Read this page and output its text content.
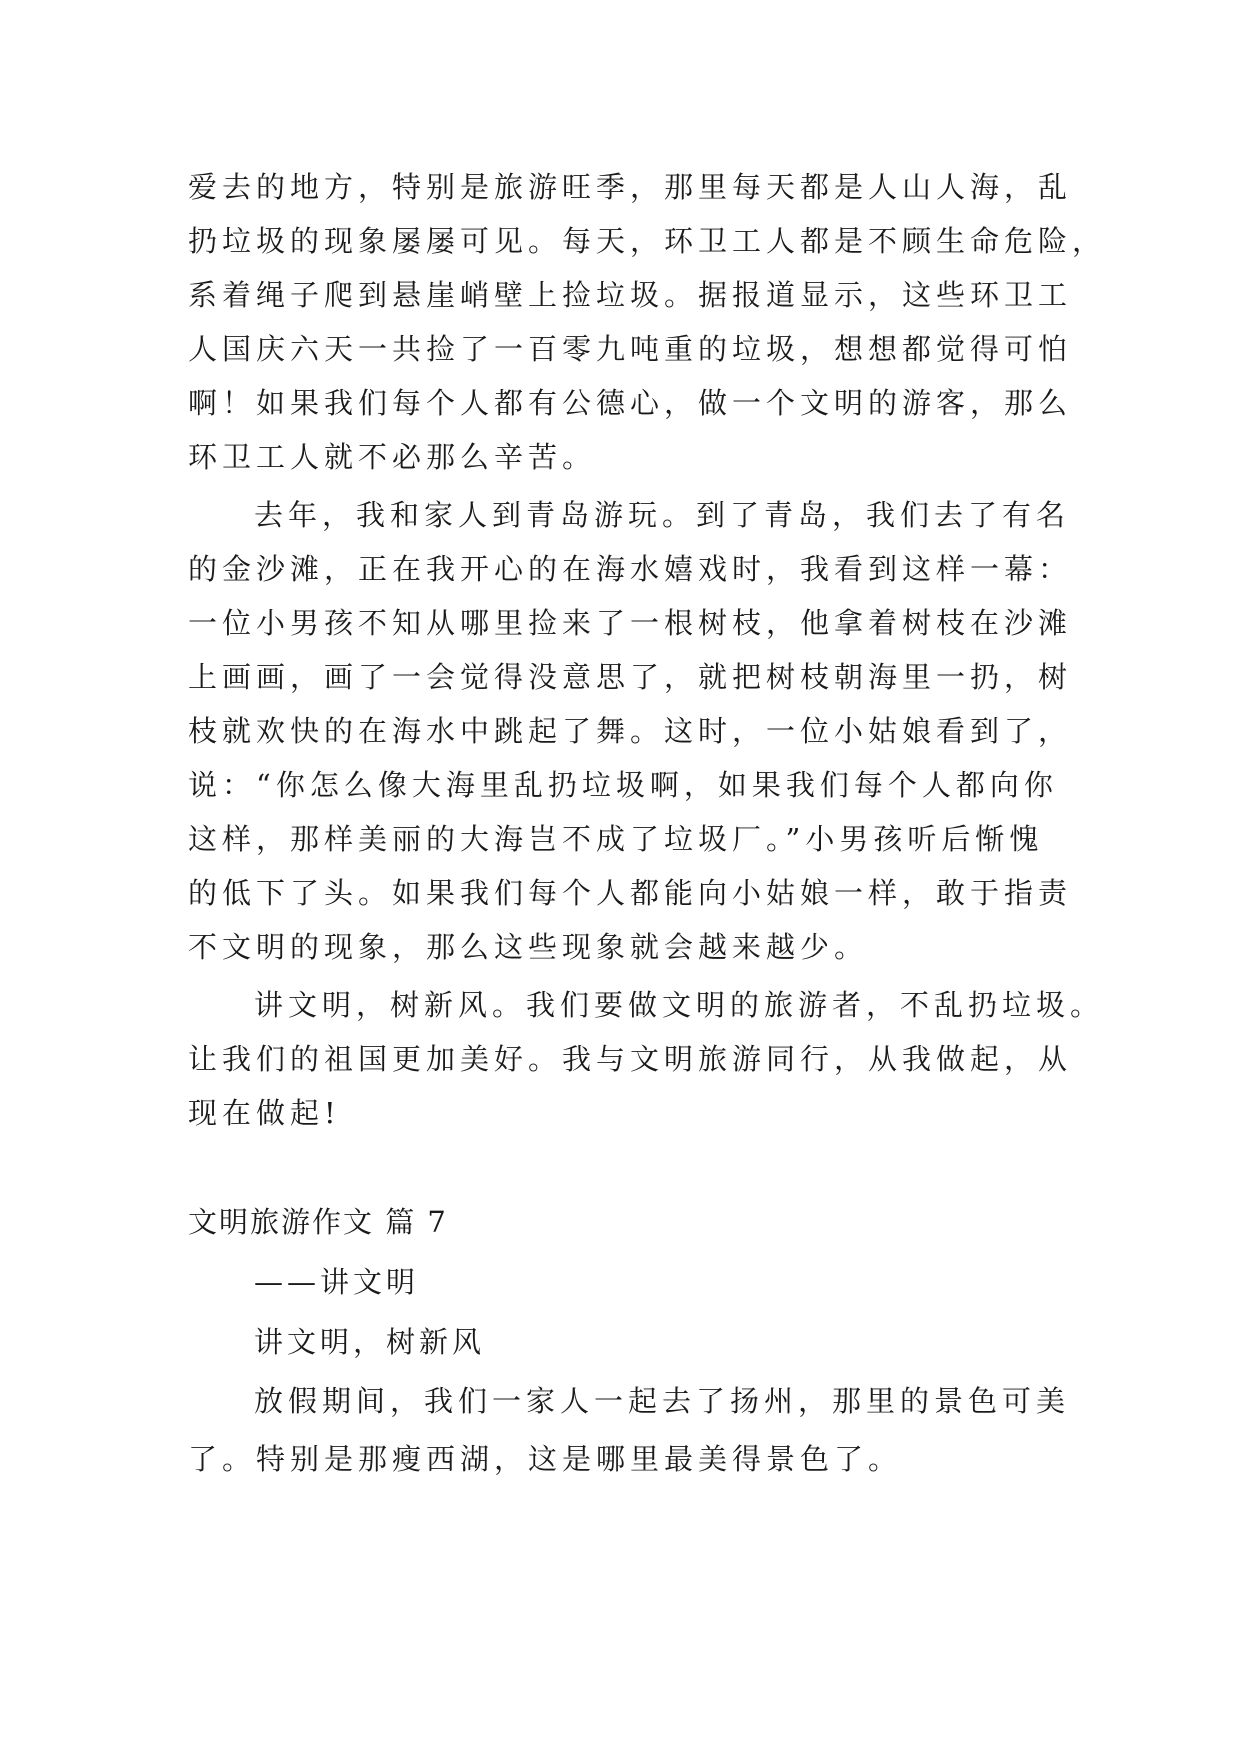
爱去的地方，特别是旅游旺季，那里每天都是人山人海，乱
扔垃圾的现象屡屡可见。每天，环卫工人都是不顾生命危险，
系着绳子爬到悬崖峭壁上捡垃圾。据报道显示，这些环卫工
人国庆六天一共捡了一百零九吨重的垃圾，想想都觉得可怕
啊！如果我们每个人都有公德心，做一个文明的游客，那么
环卫工人就不必那么辛苦。
去年，我和家人到青岛游玩。到了青岛，我们去了有名
的金沙滩，正在我开心的在海水嬉戏时，我看到这样一幕：
一位小男孩不知从哪里捡来了一根树枝，他拿着树枝在沙滩
上画画，画了一会觉得没意思了，就把树枝朝海里一扔，树
枝就欢快的在海水中跳起了舞。这时，一位小姑娘看到了，
说：“你怎么像大海里乱扔垃圾啊，如果我们每个人都向你
这样，那样美丽的大海岂不成了垃圾厂。”小男孩听后惭愧
的低下了头。如果我们每个人都能向小姑娘一样，敢于指责
不文明的现象，那么这些现象就会越来越少。
讲文明，树新风。我们要做文明的旅游者，不乱扔垃圾。
让我们的祖国更加美好。我与文明旅游同行，从我做起，从
现在做起!
文明旅游作文 篇 7
——讲文明
讲文明，树新风
放假期间，我们一家人一起去了扬州，那里的景色可美
了。特别是那瘦西湖，这是哪里最美得景色了。
